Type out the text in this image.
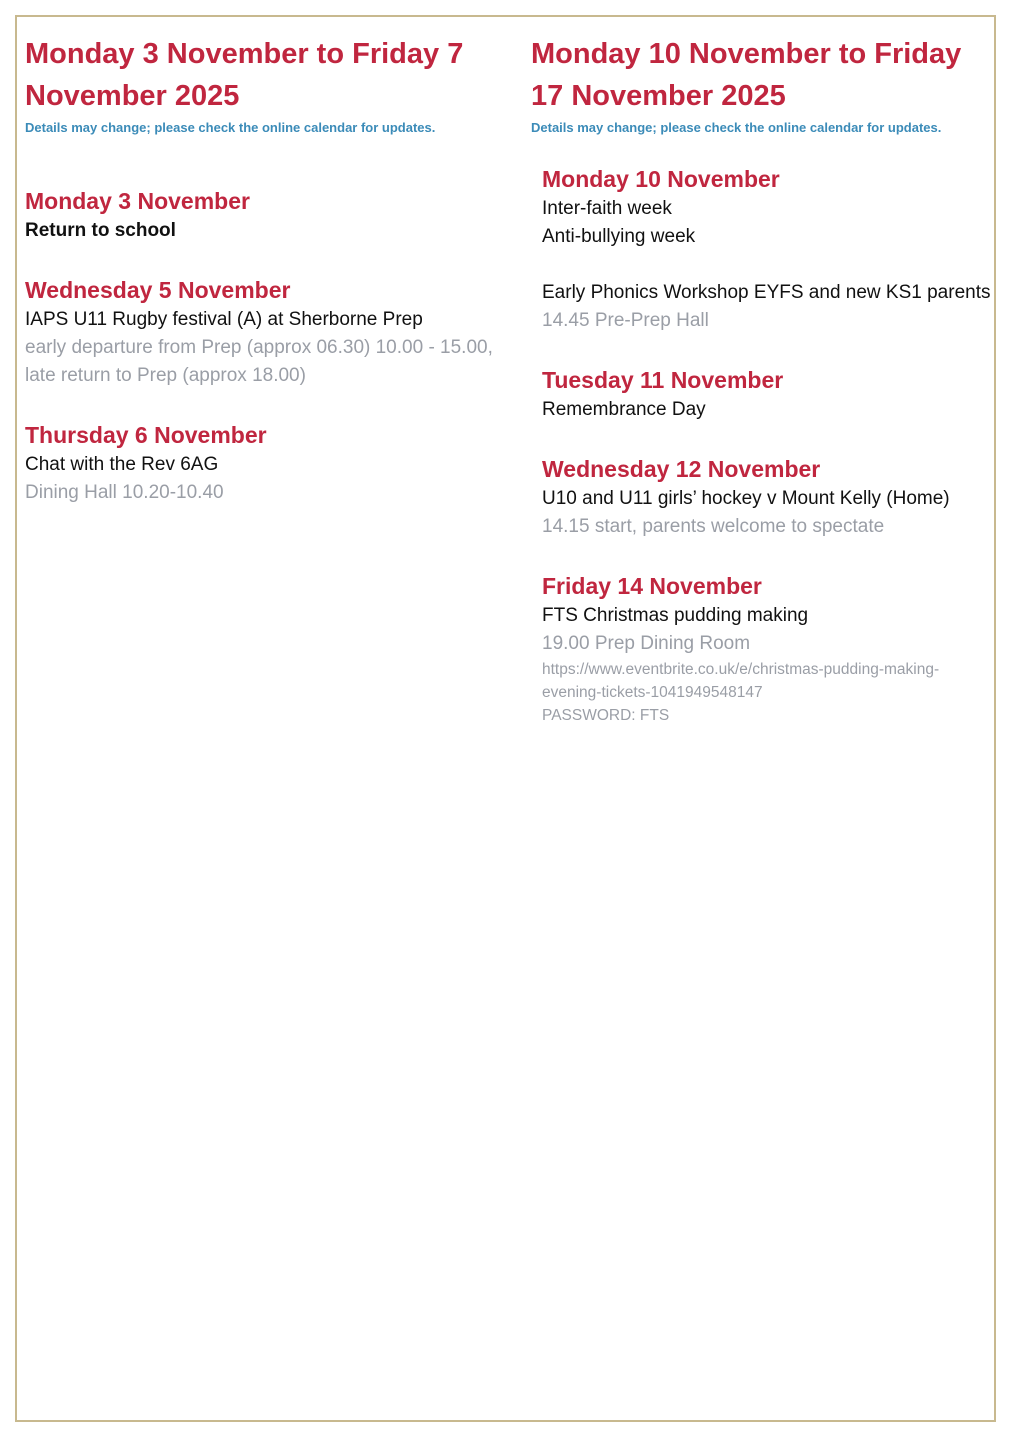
Monday 3 November to Friday 7 November 2025

Details may change; please check the online calendar for updates.

Monday 3 November

Return to school

Wednesday 5 November

IAPS U11 Rugby festival (A) at Sherborne Prep

early departure from Prep (approx 06.30) 10.00 - 15.00, late return to Prep (approx 18.00)

Thursday 6 November

Chat with the Rev 6AG

Dining Hall 10.20-10.40

Monday 10 November to Friday 17 November 2025

Details may change; please check the online calendar for updates.

Monday 10 November

Inter-faith week

Anti-bullying week

Early Phonics Workshop EYFS and new KS1 parents

14.45 Pre-Prep Hall

Tuesday 11 November

Remembrance Day

Wednesday 12 November

U10 and U11 girls’ hockey v Mount Kelly (Home)

14.15 start, parents welcome to spectate

Friday 14 November

FTS Christmas pudding making

19.00 Prep Dining Room

https://www.eventbrite.co.uk/e/christmas-pudding-making-evening-tickets-1041949548147

PASSWORD: FTS
